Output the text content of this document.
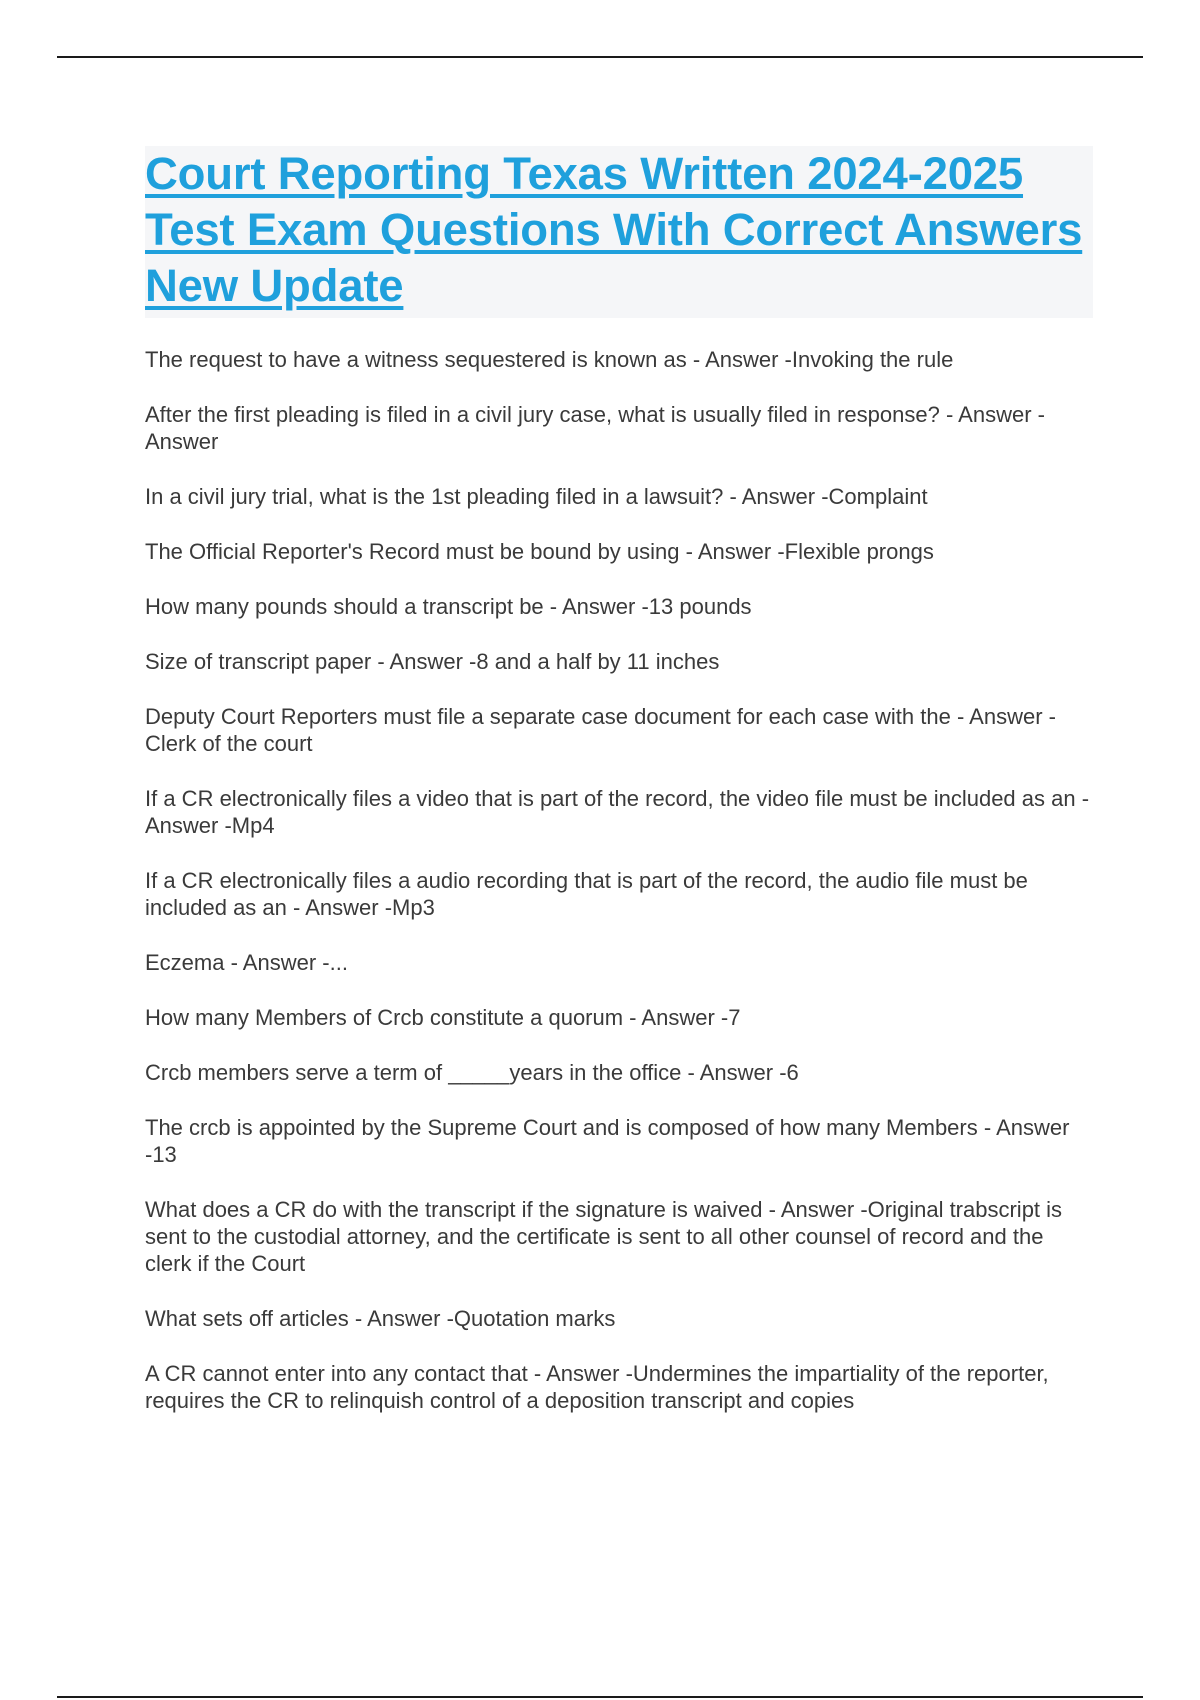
Court Reporting Texas Written 2024-2025 Test Exam Questions With Correct Answers New Update
The request to have a witness sequestered is known as - Answer -Invoking the rule
After the first pleading is filed in a civil jury case, what is usually filed in response? - Answer -Answer
In a civil jury trial, what is the 1st pleading filed in a lawsuit? - Answer -Complaint
The Official Reporter's Record must be bound by using - Answer -Flexible prongs
How many pounds should a transcript be - Answer -13 pounds
Size of transcript paper - Answer -8 and a half by 11 inches
Deputy Court Reporters must file a separate case document for each case with the - Answer -Clerk of the court
If a CR electronically files a video that is part of the record, the video file must be included as an - Answer -Mp4
If a CR electronically files a audio recording that is part of the record, the audio file must be included as an - Answer -Mp3
Eczema - Answer -...
How many Members of Crcb constitute a quorum - Answer -7
Crcb members serve a term of _____years in the office - Answer -6
The crcb is appointed by the Supreme Court and is composed of how many Members - Answer -13
What does a CR do with the transcript if the signature is waived - Answer -Original trabscript is sent to the custodial attorney, and the certificate is sent to all other counsel of record and the clerk if the Court
What sets off articles - Answer -Quotation marks
A CR cannot enter into any contact that - Answer -Undermines the impartiality of the reporter, requires the CR to relinquish control of a deposition transcript and copies
